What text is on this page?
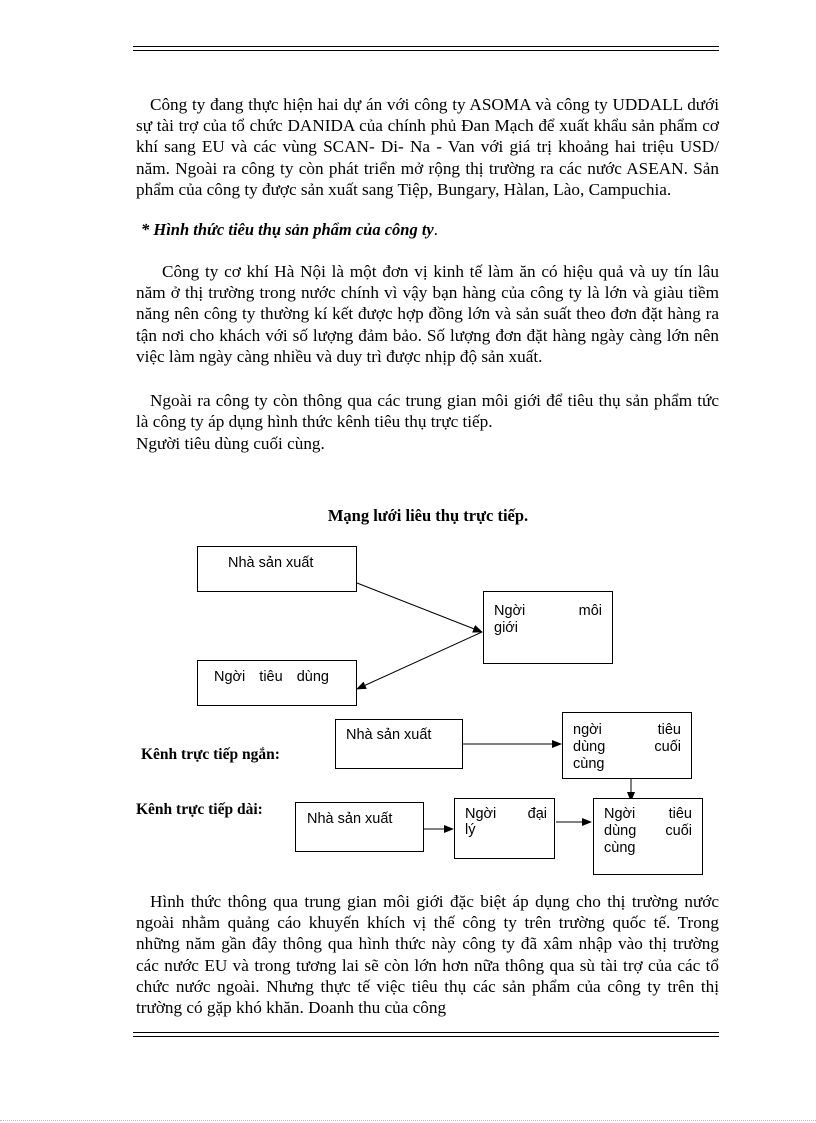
Công ty đang thực hiện hai dự án với công ty ASOMA và công ty UDDALL dưới sự tài trợ của tổ chức DANIDA của chính phủ Đan Mạch để xuất khẩu sản phẩm cơ khí sang EU và các vùng SCAN- Di- Na - Van với giá trị khoảng hai triệu USD/ năm. Ngoài ra công ty còn phát triển mở rộng thị trường ra các nước ASEAN. Sản phẩm của công ty được sản xuất sang Tiệp, Bungary, Hàlan, Lào, Campuchia.

* Hình thức tiêu thụ sản phẩm của công ty.

Công ty cơ khí Hà Nội là một đơn vị kinh tế làm ăn có hiệu quả và uy tín lâu năm ở thị trường trong nước chính vì vậy bạn hàng của công ty là lớn và giàu tiềm năng nên công ty thường kí kết được hợp đồng lớn và sản suất theo đơn đặt hàng ra tận nơi cho khách với số lượng đảm bảo. Số lượng đơn đặt hàng ngày càng lớn nên việc làm ngày càng nhiều và duy trì được nhịp độ sản xuất.

Ngoài ra công ty còn thông qua các trung gian môi giới để tiêu thụ sản phẩm tức là công ty áp dụng hình thức kênh tiêu thụ trực tiếp.

Người tiêu dùng cuối cùng.

Mạng lưới liêu thụ trực tiếp.
Nhà sản xuất
Ngời môi
giới
Ngời tiêu dùng
Kênh trực tiếp ngắn:
Nhà sản xuất	ngời tiêu
dùng cuối
cùng
Kênh trực tiếp dài:
Nhà sản xuất	Ngời đại
lý
Ngời tiêu
dùng cuối
cùng

Hình thức thông qua trung gian môi giới đặc biệt áp dụng cho thị trường nước ngoài nhằm quảng cáo khuyến khích vị thế công ty trên trường quốc tế. Trong những năm gần đây thông qua hình thức này công ty đã xâm nhập vào thị trường các nước EU và trong tương lai sẽ còn lớn hơn nữa thông qua sù tài trợ của các tổ chức nước ngoài. Nhưng thực tế việc tiêu thụ các sản phẩm của công ty trên thị trường có gặp khó khăn. Doanh thu của công
